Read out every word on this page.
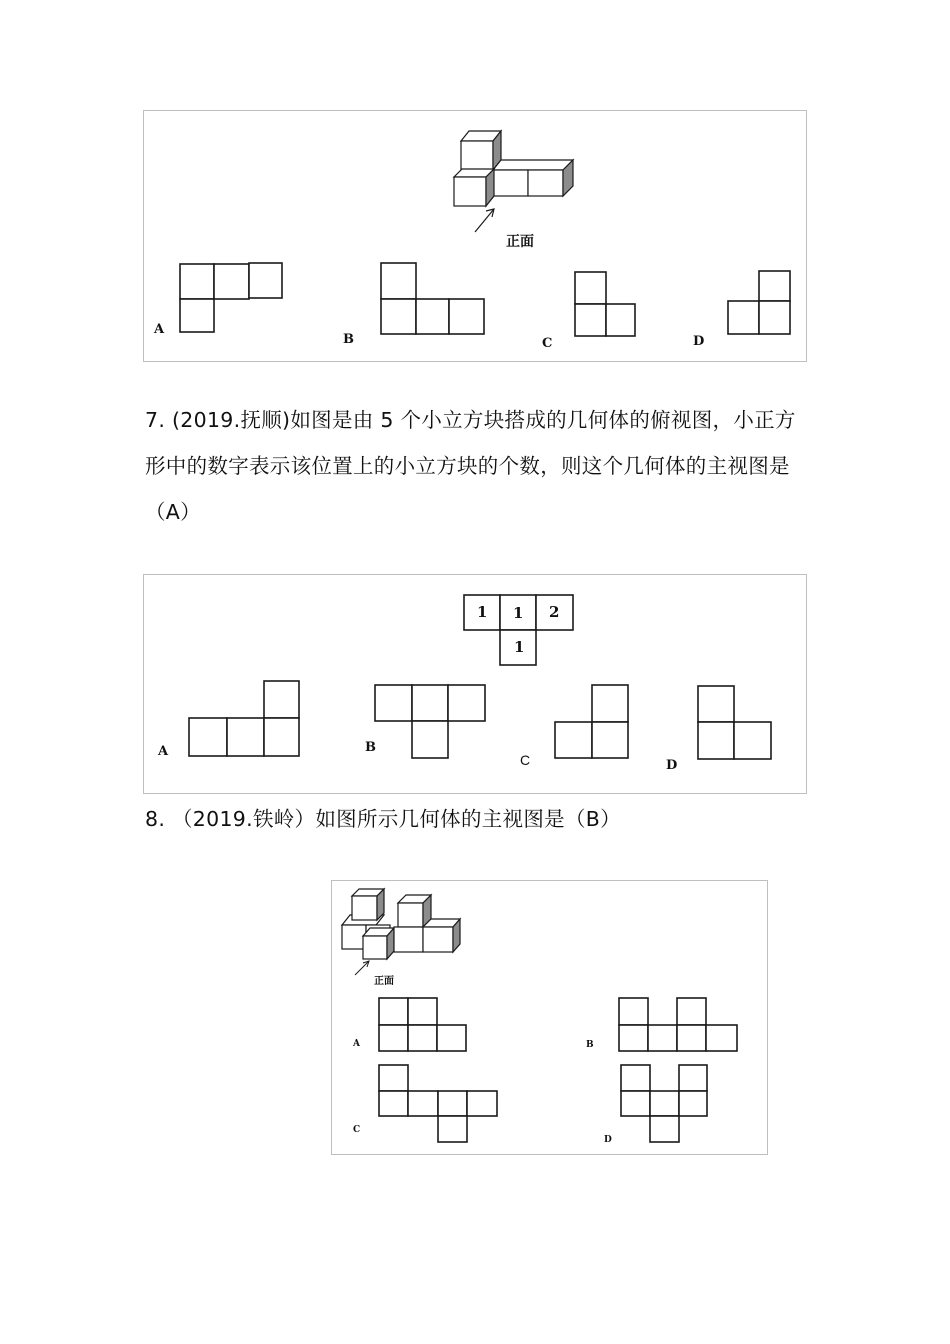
正面
A
B	C	D
7. (2019.抚顺)如图是由 5 个小立方块搭成的几何体的俯视图，小正方形中的数字表示该位置上的小立方块的个数，则这个几何体的主视图是（A）
1 1 2
1
A	B
C	D
8. （2019.铁岭）如图所示几何体的主视图是（B）
正面
A	B
C
D
